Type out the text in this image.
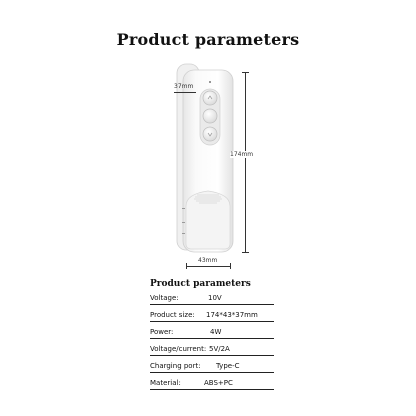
Product parameters
37mm
174mm
43mm
Product parameters
Voltage:	10V
Product size: 174*43*37mm
Power:	4W
Voltage/current: 5V/2A
Charging port: Type-C
Material:	ABS+PC
